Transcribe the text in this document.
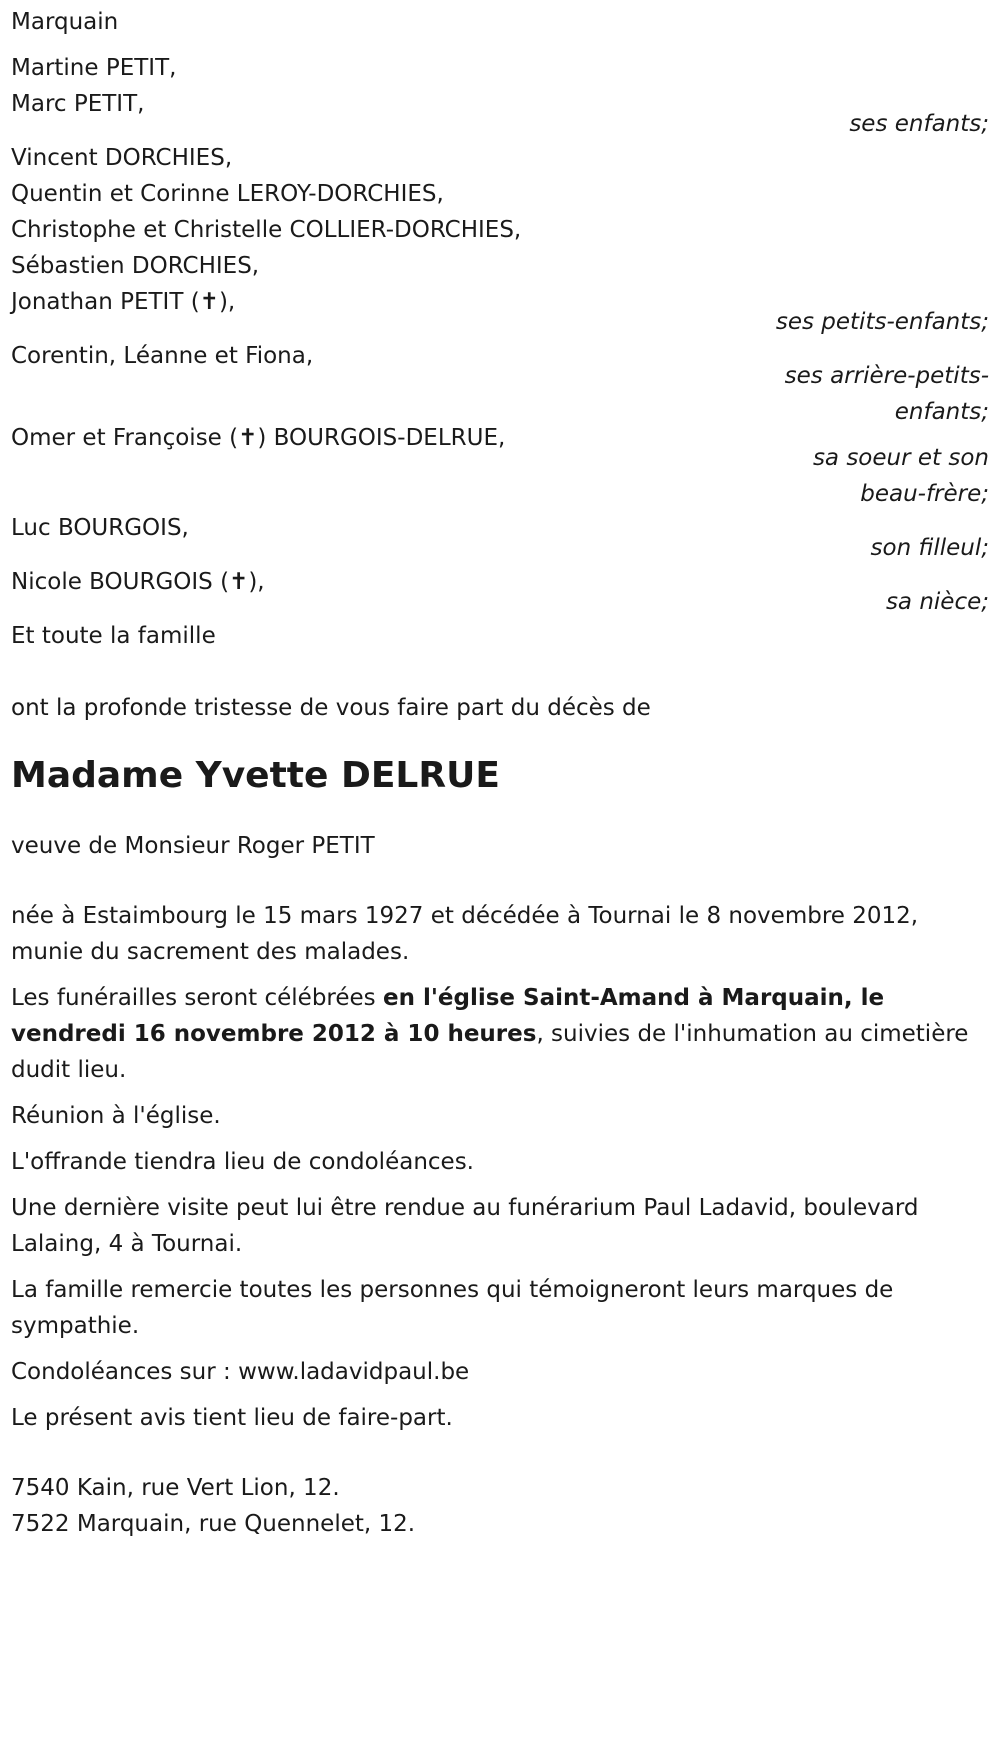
Marquain

Martine PETIT,

Marc PETIT,

ses enfants;

Vincent DORCHIES,

Quentin et Corinne LEROY-DORCHIES,

Christophe et Christelle COLLIER-DORCHIES,

Sébastien DORCHIES,

Jonathan PETIT (✝),

ses petits-enfants;

Corentin, Léanne et Fiona,

ses arrière-petits-enfants;

Omer et Françoise (✝) BOURGOIS-DELRUE,

sa soeur et son beau-frère;

Luc BOURGOIS,

son filleul;

Nicole BOURGOIS (✝),

sa nièce;

Et toute la famille

ont la profonde tristesse de vous faire part du décès de

Madame Yvette DELRUE

veuve de Monsieur Roger PETIT

née à Estaimbourg le 15 mars 1927 et décédée à Tournai le 8 novembre 2012, munie du sacrement des malades.

Les funérailles seront célébrées en l'église Saint-Amand à Marquain, le vendredi 16 novembre 2012 à 10 heures, suivies de l'inhumation au cimetière dudit lieu.

Réunion à l'église.

L'offrande tiendra lieu de condoléances.

Une dernière visite peut lui être rendue au funérarium Paul Ladavid, boulevard Lalaing, 4 à Tournai.

La famille remercie toutes les personnes qui témoigneront leurs marques de sympathie.

Condoléances sur : www.ladavidpaul.be

Le présent avis tient lieu de faire-part.

7540 Kain, rue Vert Lion, 12.

7522 Marquain, rue Quennelet, 12.
